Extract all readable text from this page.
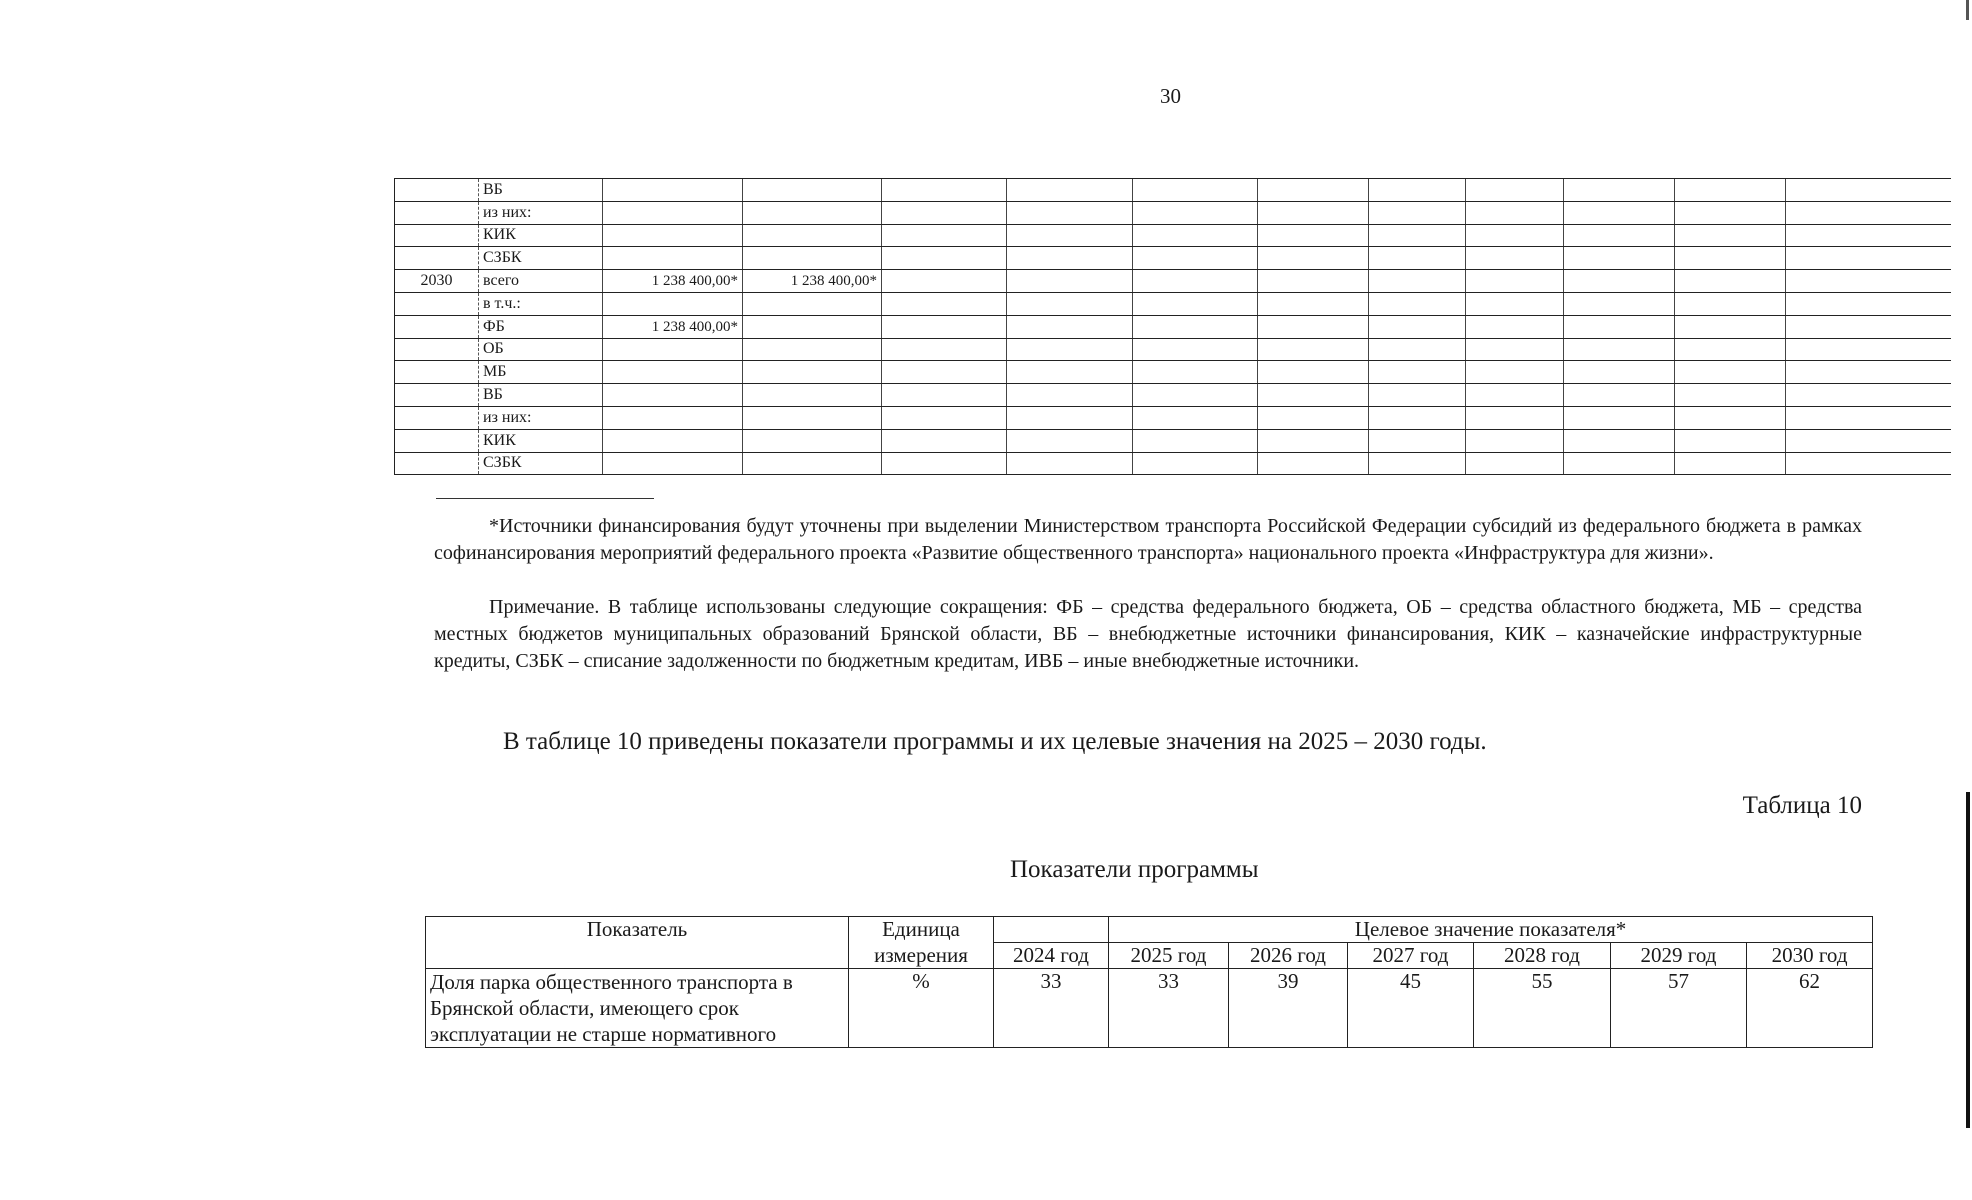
30
	ВБ											
	из них:											
	КИК											
	СЗБК											
2030	всего	1 238 400,00*	1 238 400,00*									
	в т.ч.:											
	ФБ	1 238 400,00*										
	ОБ											
	МБ											
	ВБ											
	из них:											
	КИК											
	СЗБК											
*Источники финансирования будут уточнены при выделении Министерством транспорта Российской Федерации субсидий из федерального бюджета в рамках софинансирования мероприятий федерального проекта «Развитие общественного транспорта» национального проекта «Инфраструктура для жизни».
Примечание. В таблице использованы следующие сокращения: ФБ – средства федерального бюджета, ОБ – средства областного бюджета, МБ – средства местных бюджетов муниципальных образований Брянской области, ВБ – внебюджетные источники финансирования, КИК – казначейские инфраструктурные кредиты, СЗБК – списание задолженности по бюджетным кредитам, ИВБ – иные внебюджетные источники.
В таблице 10 приведены показатели программы и их целевые значения на 2025 – 2030 годы.
Таблица 10
Показатели программы
Показатель	Единица		Целевое значение показателя*					
	измерения	2024 год	2025 год	2026 год	2027 год	2028 год	2029 год	2030 год
Доля парка общественного транспорта в Брянской области, имеющего срок эксплуатации не старше нормативного	%	33	33	39	45	55	57	62
